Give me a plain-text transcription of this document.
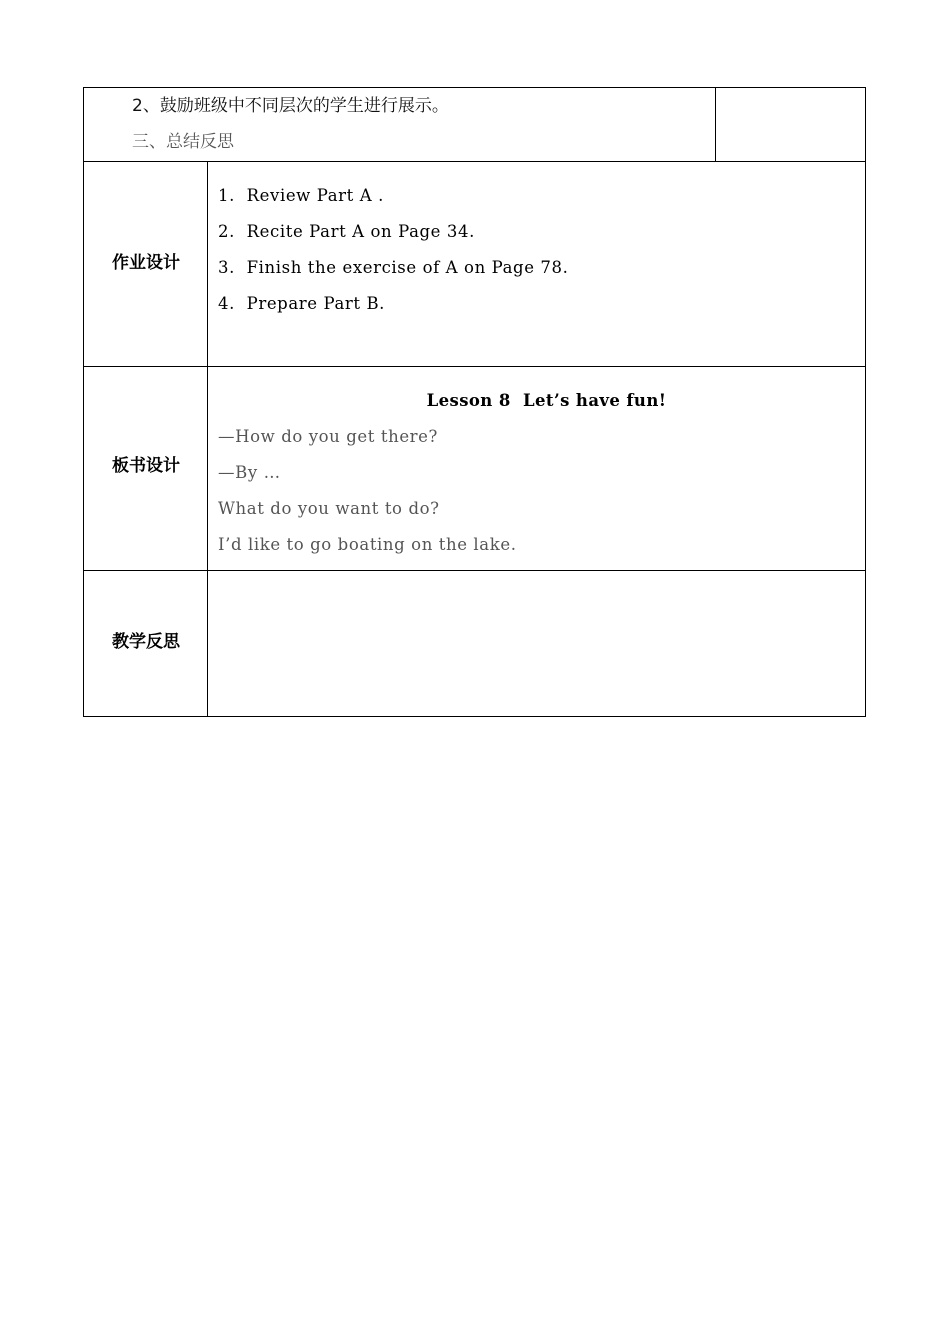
2、鼓励班级中不同层次的学生进行展示。
三、总结反思
作业设计
1.  Review Part A .
2.  Recite Part A on Page 34.
3.  Finish the exercise of A on Page 78.
4.  Prepare Part B.
板书设计
Lesson 8  Let’s have fun!
—How do you get there?
—By …
What do you want to do?
I’d like to go boating on the lake.
教学反思
